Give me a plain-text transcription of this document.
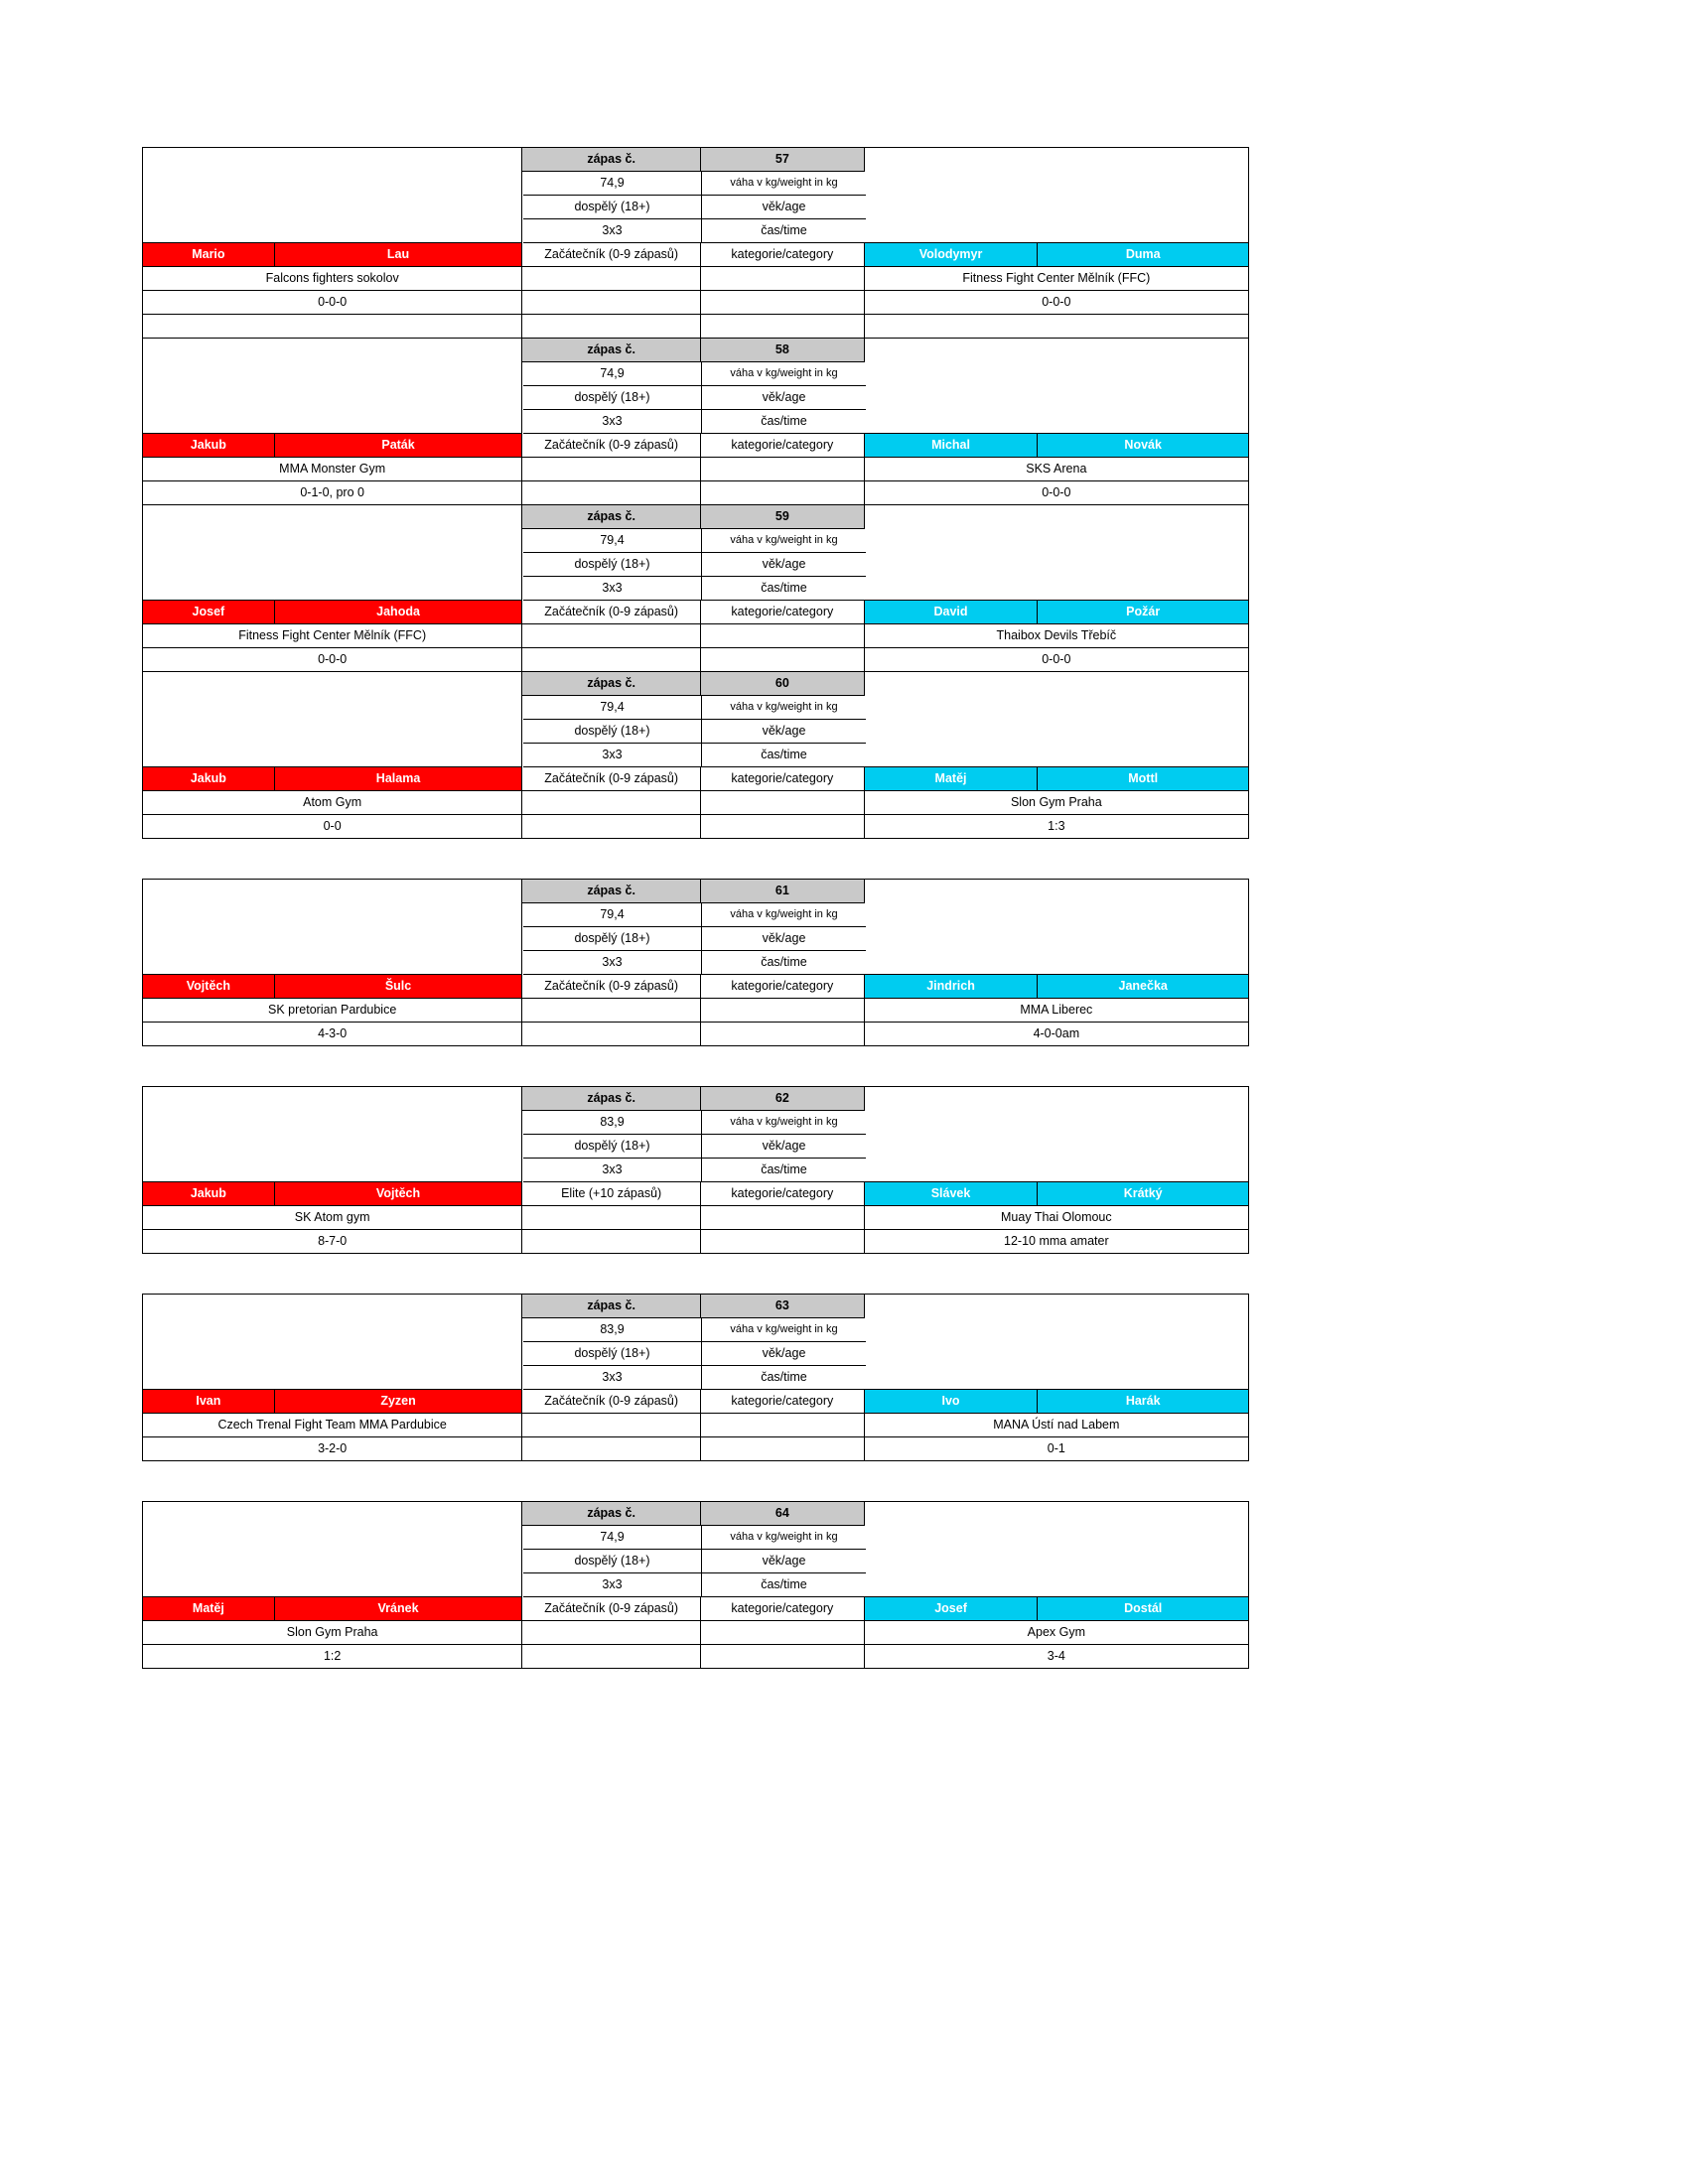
zápas č.	57
74,9	váha v kg/weight in kg
dospělý (18+)	věk/age
3x3	čas/time
Mario	Lau	Začátečník (0-9 zápasů)	kategorie/category	Volodymyr	Duma
Falcons fighters sokolov	Fitness Fight Center Mělník (FFC)
0-0-0	0-0-0
zápas č.	58
74,9	váha v kg/weight in kg
dospělý (18+)	věk/age
3x3	čas/time
Jakub	Paták	Začátečník (0-9 zápasů)	kategorie/category	Michal	Novák
MMA Monster Gym	SKS Arena
0-1-0, pro 0	0-0-0
zápas č.	59
79,4	váha v kg/weight in kg
dospělý (18+)	věk/age
3x3	čas/time
Josef	Jahoda	Začátečník (0-9 zápasů)	kategorie/category	David	Požár
Fitness Fight Center Mělník (FFC)	Thaibox Devils Třebíč
0-0-0	0-0-0
zápas č.	60
79,4	váha v kg/weight in kg
dospělý (18+)	věk/age
3x3	čas/time
Jakub	Halama	Začátečník (0-9 zápasů)	kategorie/category	Matěj	Mottl
Atom Gym	Slon Gym Praha
0-0	1:3
zápas č.	61
79,4	váha v kg/weight in kg
dospělý (18+)	věk/age
3x3	čas/time
Vojtěch	Šulc	Začátečník (0-9 zápasů)	kategorie/category	Jindrich	Janečka
SK pretorian Pardubice	MMA Liberec
4-3-0	4-0-0am
zápas č.	62
83,9	váha v kg/weight in kg
dospělý (18+)	věk/age
3x3	čas/time
Jakub	Vojtěch	Elite (+10 zápasů)	kategorie/category	Slávek	Krátký
SK Atom gym	Muay Thai Olomouc
8-7-0	12-10 mma amater
zápas č.	63
83,9	váha v kg/weight in kg
dospělý (18+)	věk/age
3x3	čas/time
Ivan	Zyzen	Začátečník (0-9 zápasů)	kategorie/category	Ivo	Harák
Czech Trenal Fight Team MMA Pardubice	MANA Ústí nad Labem
3-2-0	0-1
zápas č.	64
74,9	váha v kg/weight in kg
dospělý (18+)	věk/age
3x3	čas/time
Matěj	Vránek	Začátečník (0-9 zápasů)	kategorie/category	Josef	Dostál
Slon Gym Praha	Apex Gym
1:2	3-4
